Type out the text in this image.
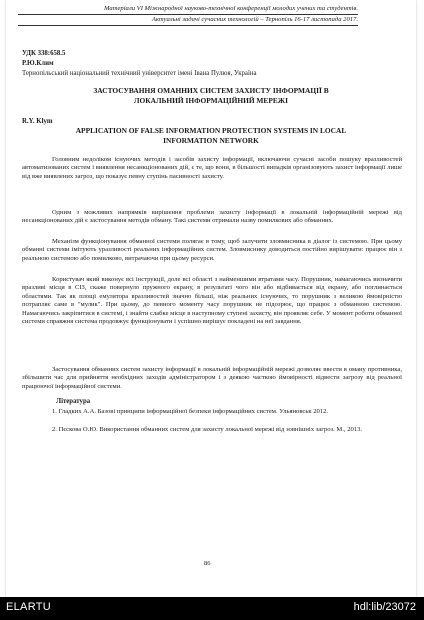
Матеріали VI Міжнародної науково-технічної конференції молодих учених та студентів.
Актуальні задачі сучасних технологій – Тернопіль 16-17 листопада 2017.
УДК 338:658.5
Р.Ю.Клим
Тернопільський національний технічний університет імені Івана Пулюя, Україна
ЗАСТОСУВАННЯ ОМАННИХ СИСТЕМ ЗАХИСТУ ІНФОРМАЦІЇ В
ЛОКАЛЬНИЙ ІНФОРМАЦІЙНИЙ МЕРЕЖІ
R.Y. Klym
APPLICATION OF FALSE INFORMATION PROTECTION SYSTEMS IN LOCAL
INFORMATION NETWORK

Головним недоліком існуючих методів і засобів захисту інформації, включаючи сучасні засоби пошуку вразливостей автоматизованих систем і виявлення несанкціонованих дій, є те, що вони, в більшості випадків організовують захист інформації лише від вже виявлених загроз, що показує певну ступінь пасивності захисту.

Одним з можливих напрямків вирішення проблеми захисту інформації в локальній інформаційній мережі від несанкціонованих дій є застосування методів обману. Такі системи отримали назву помилкових або обманних.

Механізм функціонування обманної системи полягає в тому, щоб залучити зловмисника в діалог із системою. При цьому обманні системи імітують уразливості реальних інформаційних систем. Зловмиснику доводиться постійно вирішувати: працює він з реальною системою або помилково, витрачаючи при цьому ресурси.

Користувач який виконує всі інструкції, доле всі області з найменшими втратами часу. Порушник, намагаючись визначити вразливі місця в СІЗ, скаже повернуло пружного екрану, в результаті чого він або відбивається від екрану, або поглинається областями. Так як площі емулятора вразливостей значно більші, ніж реальних існуючих, то порушник з великою ймовірністю потрапляє саме в "мулик". При цьому, до певного моменту часу порушник не підозрює, що працює з обманною системою. Намагаючись закріпитися в системі, і знайти слабке місце в наступному ступені захисту, він проявляє себе. У момент роботи обманної системи справжня система продовжує функціонувати і успішно вирішує покладені на неї завдання.

Застосування обманних систем захисту інформації в локальній інформаційній мережі дозволяє ввести в оману противника, збільшити час для прийняття необхідних заходів адміністратором і з деякою часткою ймовірності відвести загрозу від реальної працюючої інформаційної системи.

Література
1. Гладких А.А. Базові принципи інформаційної безпеки інформаційних систем. Ульяновськ 2012.
2. Пєскова О.Ю. Використання обманних систем для захисту локальної мережі від зовнішніх загроз. М., 2013.
86
ELARTU	hdl:lib/23072
